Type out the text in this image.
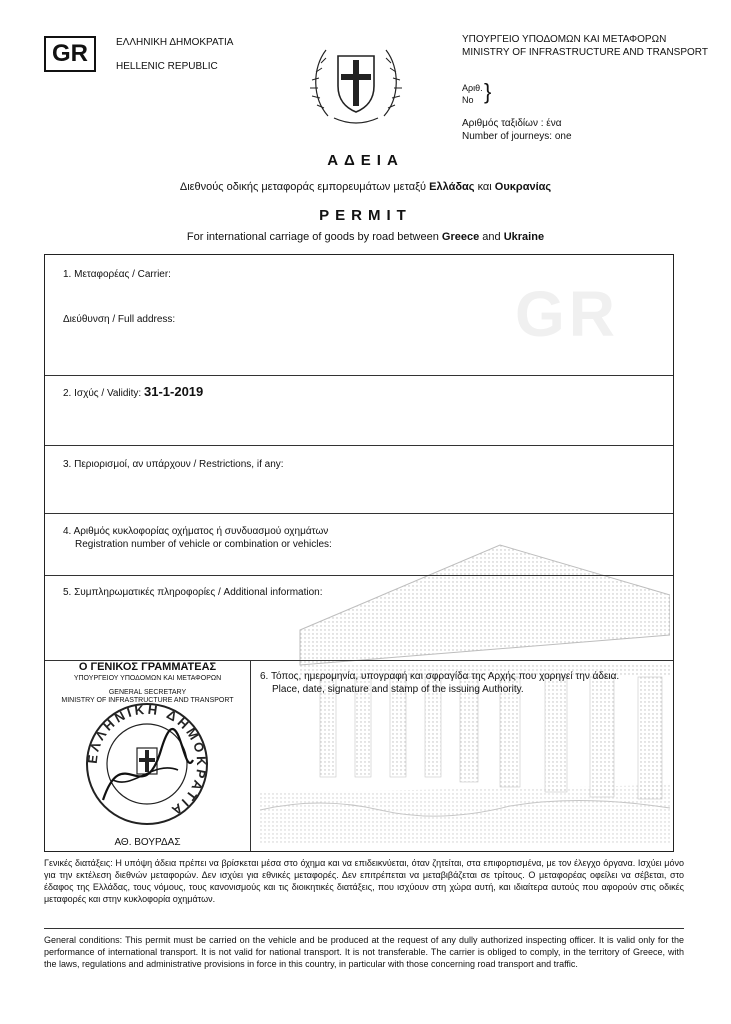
GR	ΕΛΛΗΝΙΚΗ ΔΗΜΟΚΡΑΤΙΑ
HELLENIC REPUBLIC
ΥΠΟΥΡΓΕΙΟ ΥΠΟΔΟΜΩΝ ΚΑΙ ΜΕΤΑΦΟΡΩΝ
MINISTRY OF INFRASTRUCTURE AND TRANSPORT
Αριθ.
No }
Αριθμός ταξιδίων : ένα
Number of journeys: one
ΑΔΕΙΑ
Διεθνούς οδικής μεταφοράς εμπορευμάτων μεταξύ Ελλάδας και Ουκρανίας
PERMIT
For international carriage of goods by road between Greece and Ukraine
GR
1. Μεταφορέας / Carrier:
Διεύθυνση / Full address:
2. Ισχύς / Validity: 31-1-2019
3. Περιορισμοί, αν υπάρχουν / Restrictions, if any:
4. Αριθμός κυκλοφορίας οχήματος ή συνδυασμού οχημάτων
Registration number of vehicle or combination or vehicles:
5. Συμπληρωματικές πληροφορίες / Additional information:
Ο ΓΕΝΙΚΟΣ ΓΡΑΜΜΑΤΕΑΣ
ΥΠΟΥΡΓΕΙΟΥ ΥΠΟΔΟΜΩΝ ΚΑΙ ΜΕΤΑΦΟΡΩΝ
GENERAL SECRETARY
MINISTRY OF INFRASTRUCTURE AND TRANSPORT
ΕΛΛΗΝΙΚΗ ΔΗΜΟΚΡΑΤΙΑ
ΑΘ. ΒΟΥΡΔΑΣ
6. Τόπος, ημερομηνία, υπογραφή και σφραγίδα της Αρχής που χορηγεί την άδεια.
Place, date, signature and stamp of the issuing Authority.
Γενικές διατάξεις: Η υπόψη άδεια πρέπει να βρίσκεται μέσα στο όχημα και να επιδεικνύεται, όταν ζητείται, στα επιφορτισμένα, με τον έλεγχο όργανα. Ισχύει μόνο για την εκτέλεση διεθνών μεταφορών. Δεν ισχύει για εθνικές μεταφορές. Δεν επιτρέπεται να μεταβιβάζεται σε τρίτους. Ο μεταφορέας οφείλει να σέβεται, στο έδαφος της Ελλάδας, τους νόμους, τους κανονισμούς και τις διοικητικές διατάξεις, που ισχύουν στη χώρα αυτή, και ιδιαίτερα αυτούς που αφορούν στις οδικές μεταφορές και στην κυκλοφορία οχημάτων.
General conditions: This permit must be carried on the vehicle and be produced at the request of any dully authorized inspecting officer. It is valid only for the performance of international transport. It is not valid for national transport. It is not transferable. The carrier is obliged to comply, in the territory of Greece, with the laws, regulations and administrative provisions in force in this country, in particular with those concerning road transport and traffic.
